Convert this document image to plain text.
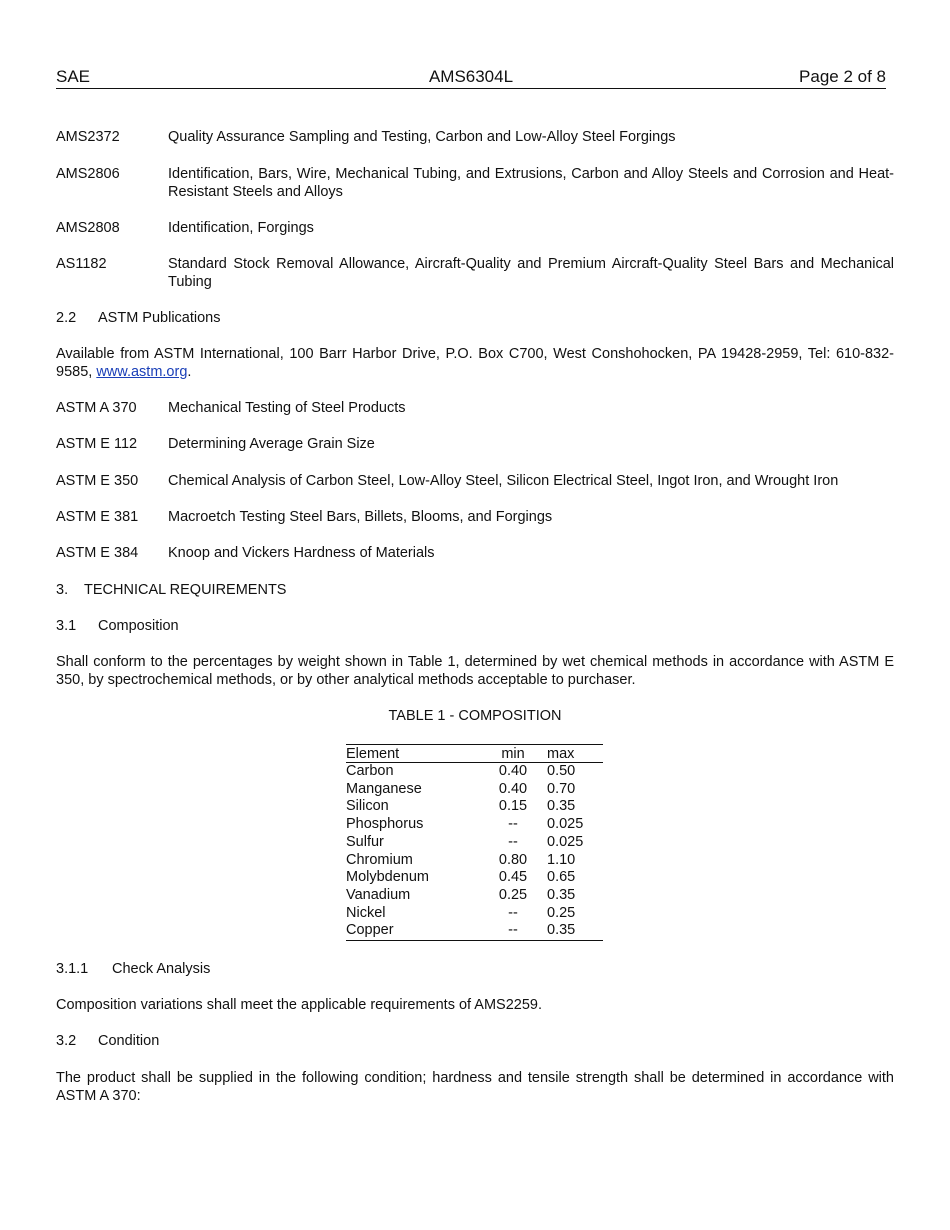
SAE	AMS6304L	Page 2 of 8
AMS2372	Quality Assurance Sampling and Testing, Carbon and Low-Alloy Steel Forgings
AMS2806	Identification, Bars, Wire, Mechanical Tubing, and Extrusions, Carbon and Alloy Steels and Corrosion and Heat-Resistant Steels and Alloys
AMS2808	Identification, Forgings
AS1182	Standard Stock Removal Allowance, Aircraft-Quality and Premium Aircraft-Quality Steel Bars and Mechanical Tubing
2.2 ASTM Publications
Available from ASTM International, 100 Barr Harbor Drive, P.O. Box C700, West Conshohocken, PA 19428-2959, Tel: 610-832-9585, www.astm.org.
ASTM A 370	Mechanical Testing of Steel Products
ASTM E 112	Determining Average Grain Size
ASTM E 350	Chemical Analysis of Carbon Steel, Low-Alloy Steel, Silicon Electrical Steel, Ingot Iron, and Wrought Iron
ASTM E 381	Macroetch Testing Steel Bars, Billets, Blooms, and Forgings
ASTM E 384	Knoop and Vickers Hardness of Materials
3. TECHNICAL REQUIREMENTS
3.1 Composition
Shall conform to the percentages by weight shown in Table 1, determined by wet chemical methods in accordance with ASTM E 350, by spectrochemical methods, or by other analytical methods acceptable to purchaser.
TABLE 1 - COMPOSITION
Element	min	max
Carbon	0.40	0.50
Manganese	0.40	0.70
Silicon	0.15	0.35
Phosphorus	--	0.025
Sulfur	--	0.025
Chromium	0.80	1.10
Molybdenum	0.45	0.65
Vanadium	0.25	0.35
Nickel	--	0.25
Copper	--	0.35
3.1.1 Check Analysis
Composition variations shall meet the applicable requirements of AMS2259.
3.2 Condition
The product shall be supplied in the following condition; hardness and tensile strength shall be determined in accordance with ASTM A 370:
